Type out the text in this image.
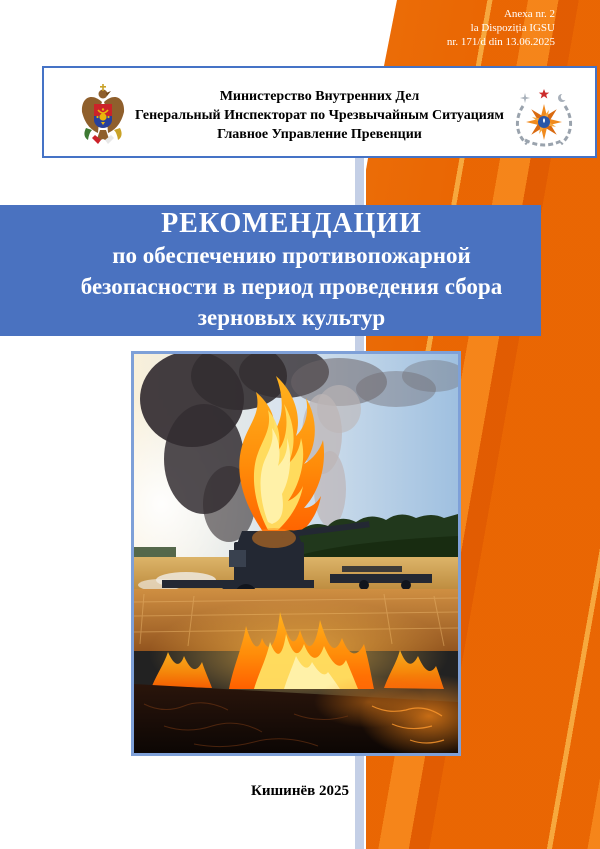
Anexa nr. 2
la Dispoziția IGSU
nr. 171/d din 13.06.2025
Министерство Внутренних Дел
Генеральный Инспекторат по Чрезвычайным Ситуациям
Главное Управление Превенции
РЕКОМЕНДАЦИИ
по обеспечению противопожарной
безопасности в период проведения сбора
зерновых культур
Кишинёв 2025
